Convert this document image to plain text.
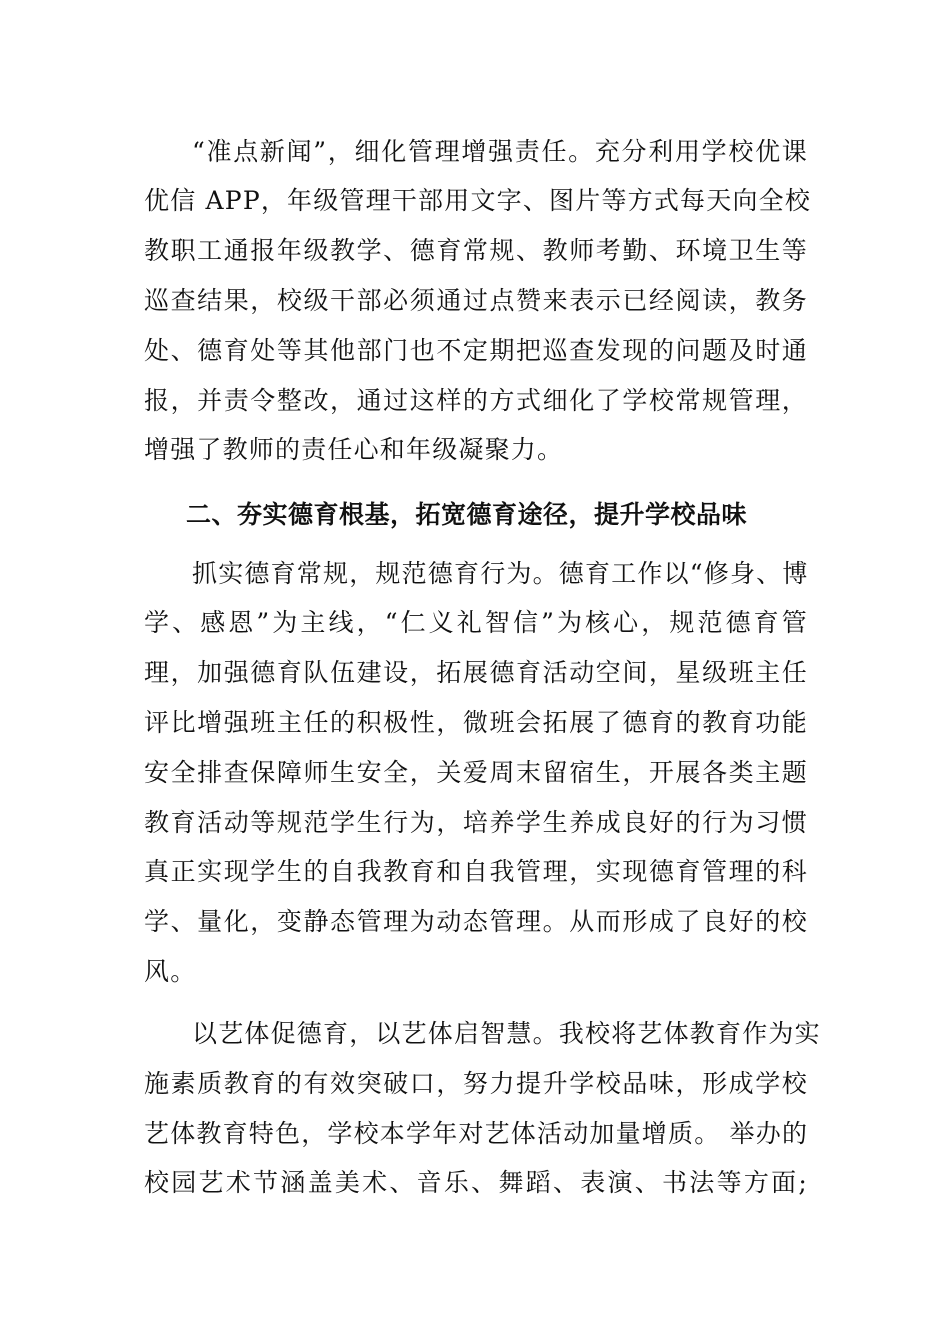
“准点新闻”，细化管理增强责任。充分利用学校优课
优信 APP，年级管理干部用文字、图片等方式每天向全校
教职工通报年级教学、德育常规、教师考勤、环境卫生等
巡查结果，校级干部必须通过点赞来表示已经阅读，教务
处、德育处等其他部门也不定期把巡查发现的问题及时通
报，并责令整改，通过这样的方式细化了学校常规管理，
增强了教师的责任心和年级凝聚力。
二、夯实德育根基，拓宽德育途径，提升学校品味
抓实德育常规，规范德育行为。德育工作以“修身、博
学、感恩”为主线，“仁义礼智信”为核心，规范德育管
理，加强德育队伍建设，拓展德育活动空间，星级班主任
评比增强班主任的积极性，微班会拓展了德育的教育功能
安全排查保障师生安全，关爱周末留宿生，开展各类主题
教育活动等规范学生行为，培养学生养成良好的行为习惯
真正实现学生的自我教育和自我管理，实现德育管理的科
学、量化，变静态管理为动态管理。从而形成了良好的校
风。
以艺体促德育，以艺体启智慧。我校将艺体教育作为实
施素质教育的有效突破口，努力提升学校品味，形成学校
艺体教育特色，学校本学年对艺体活动加量增质。 举办的
校园艺术节涵盖美术、音乐、舞蹈、表演、书法等方面;
